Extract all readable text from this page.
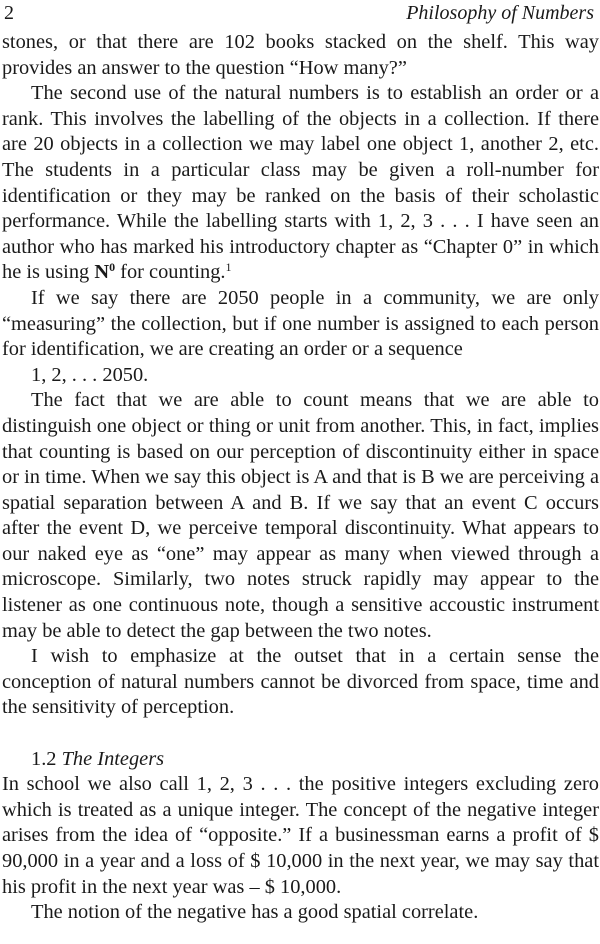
2	Philosophy of Numbers

stones, or that there are 102 books stacked on the shelf. This way provides an answer to the question “How many?”

The second use of the natural numbers is to establish an order or a rank. This involves the labelling of the objects in a collection. If there are 20 objects in a collection we may label one object 1, another 2, etc. The students in a particular class may be given a roll-number for identification or they may be ranked on the basis of their scholastic performance. While the labelling starts with 1, 2, 3 . . . I have seen an author who has marked his introductory chapter as “Chapter 0” in which he is using $N^0$ for counting.$^1$

If we say there are 2050 people in a community, we are only “measuring” the collection, but if one number is assigned to each person for identification, we are creating an order or a sequence

1, 2, . . . 2050.

The fact that we are able to count means that we are able to distinguish one object or thing or unit from another. This, in fact, implies that counting is based on our perception of discontinuity either in space or in time. When we say this object is A and that is B we are perceiving a spatial separation between A and B. If we say that an event C occurs after the event D, we perceive temporal discontinuity. What appears to our naked eye as “one” may appear as many when viewed through a microscope. Similarly, two notes struck rapidly may appear to the listener as one continuous note, though a sensitive accoustic instrument may be able to detect the gap between the two notes.

I wish to emphasize at the outset that in a certain sense the conception of natural numbers cannot be divorced from space, time and the sensitivity of perception.

1.2 The Integers

In school we also call 1, 2, 3 . . . the positive integers excluding zero which is treated as a unique integer. The concept of the negative integer arises from the idea of “opposite.” If a businessman earns a profit of $ 90,000 in a year and a loss of $ 10,000 in the next year, we may say that his profit in the next year was – $ 10,000.

The notion of the negative has a good spatial correlate.
